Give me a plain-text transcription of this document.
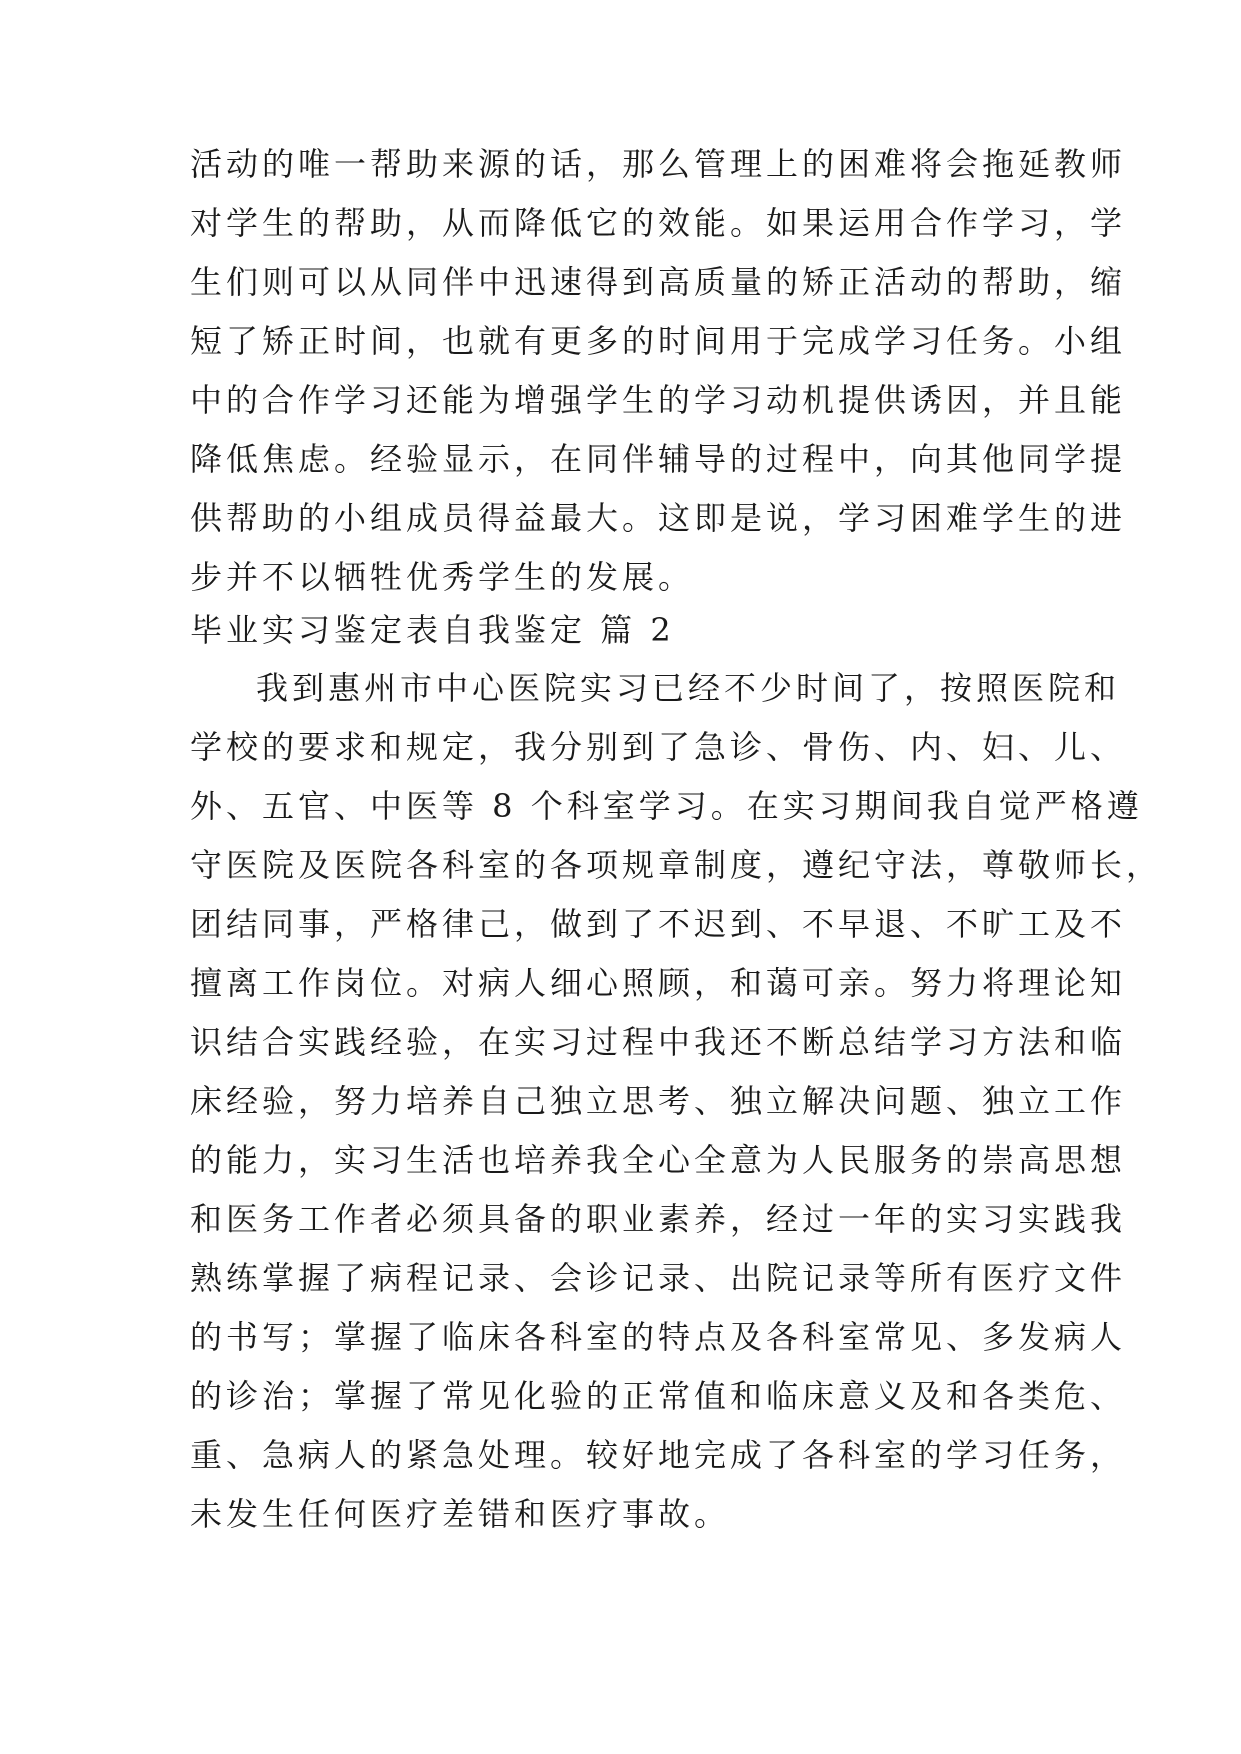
活动的唯一帮助来源的话，那么管理上的困难将会拖延教师
对学生的帮助，从而降低它的效能。如果运用合作学习，学
生们则可以从同伴中迅速得到高质量的矫正活动的帮助，缩
短了矫正时间，也就有更多的时间用于完成学习任务。小组
中的合作学习还能为增强学生的学习动机提供诱因，并且能
降低焦虑。经验显示，在同伴辅导的过程中，向其他同学提
供帮助的小组成员得益最大。这即是说，学习困难学生的进
步并不以牺牲优秀学生的发展。
毕业实习鉴定表自我鉴定 篇 2
我到惠州市中心医院实习已经不少时间了，按照医院和
学校的要求和规定，我分别到了急诊、骨伤、内、妇、儿、
外、五官、中医等 8 个科室学习。在实习期间我自觉严格遵
守医院及医院各科室的各项规章制度，遵纪守法，尊敬师长，
团结同事，严格律己，做到了不迟到、不早退、不旷工及不
擅离工作岗位。对病人细心照顾，和蔼可亲。努力将理论知
识结合实践经验，在实习过程中我还不断总结学习方法和临
床经验，努力培养自己独立思考、独立解决问题、独立工作
的能力，实习生活也培养我全心全意为人民服务的崇高思想
和医务工作者必须具备的职业素养，经过一年的实习实践我
熟练掌握了病程记录、会诊记录、出院记录等所有医疗文件
的书写；掌握了临床各科室的特点及各科室常见、多发病人
的诊治；掌握了常见化验的正常值和临床意义及和各类危、
重、急病人的紧急处理。较好地完成了各科室的学习任务，
未发生任何医疗差错和医疗事故。
